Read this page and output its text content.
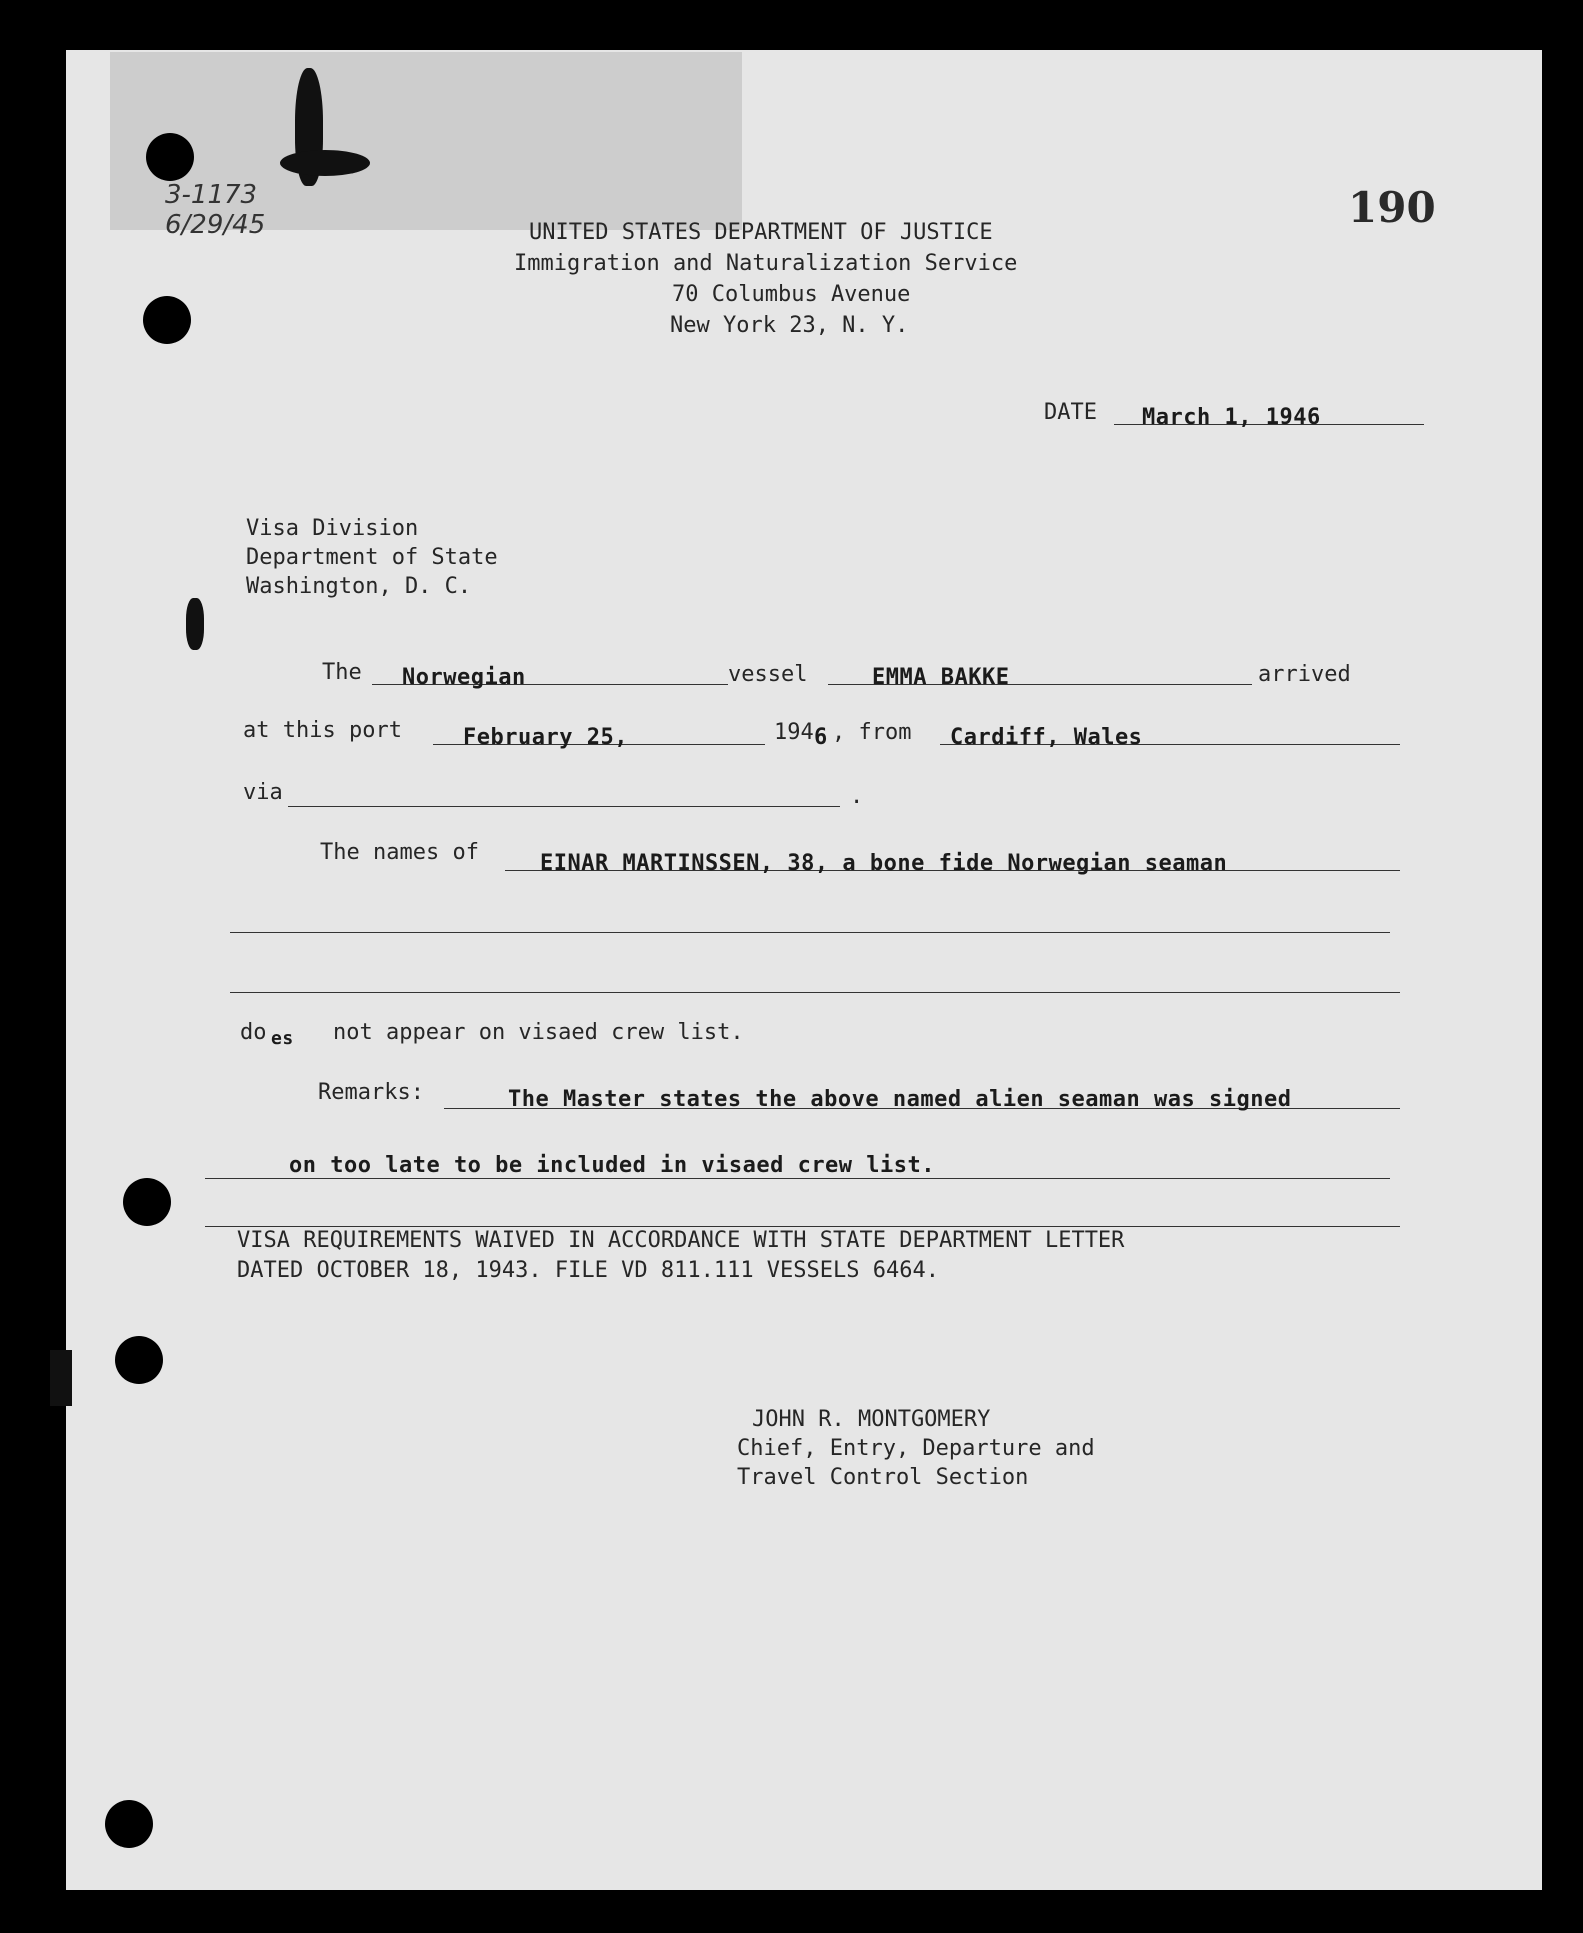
3-1173
6/29/45	190
UNITED STATES DEPARTMENT OF JUSTICE
Immigration and Naturalization Service
70 Columbus Avenue
New York 23, N. Y.
DATE March 1, 1946
Visa Division
Department of State
Washington, D. C.
The Norwegian	vessel	EMMA BAKKE	arrived
at this port	February 25,	194 6 , from Cardiff, Wales
via	.
The names of	EINAR MARTINSSEN, 38, a bone fide Norwegian seaman
do es not appear on visaed crew list.
Remarks:	The Master states the above named alien seaman was signed
on too late to be included in visaed crew list.
VISA REQUIREMENTS WAIVED IN ACCORDANCE WITH STATE DEPARTMENT LETTER
DATED OCTOBER 18, 1943. FILE VD 811.111 VESSELS 6464.
JOHN R. MONTGOMERY
Chief, Entry, Departure and
Travel Control Section
